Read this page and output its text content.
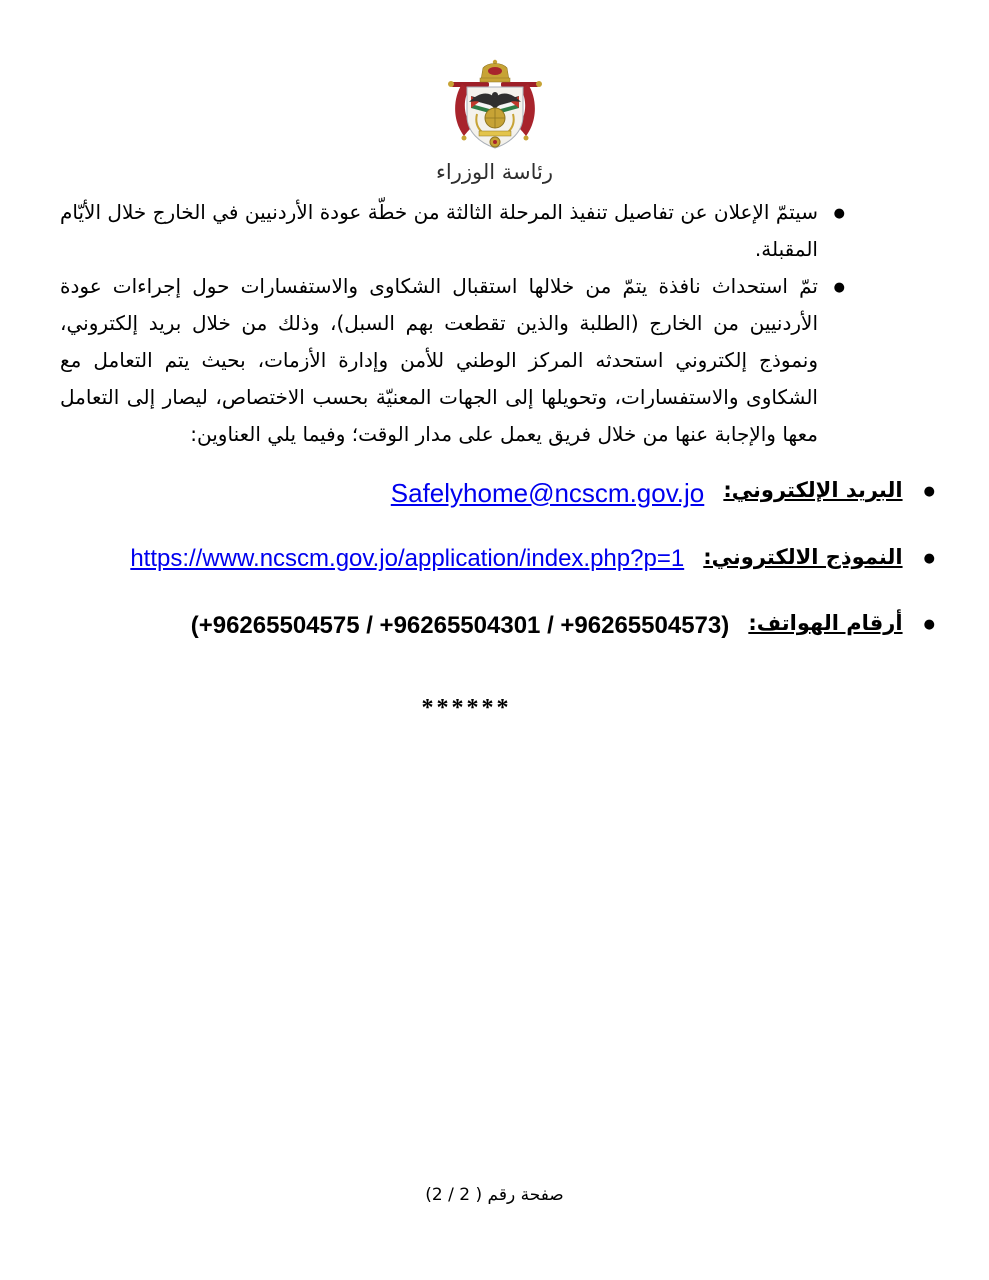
رئاسة الوزراء
●
سيتمّ الإعلان عن تفاصيل تنفيذ المرحلة الثالثة من خطّة عودة الأردنيين في الخارج خلال الأيّام المقبلة.
●
تمّ استحداث نافذة يتمّ من خلالها استقبال الشكاوى والاستفسارات حول إجراءات عودة الأردنيين من الخارج (الطلبة والذين تقطعت بهم السبل)، وذلك من خلال بريد إلكتروني، ونموذج إلكتروني استحدثه المركز الوطني للأمن وإدارة الأزمات، بحيث يتم التعامل مع الشكاوى والاستفسارات، وتحويلها إلى الجهات المعنيّة بحسب الاختصاص، ليصار إلى التعامل معها والإجابة عنها من خلال فريق يعمل على مدار الوقت؛ وفيما يلي العناوين:
● البريد الإلكتروني: Safelyhome@ncscm.gov.jo
● النموذج الالكتروني: https://www.ncscm.gov.jo/application/index.php?p=1
● أرقام الهواتف: (+96265504575 / +96265504301 / +96265504573)
******
صفحة رقم ( 2 / 2)
